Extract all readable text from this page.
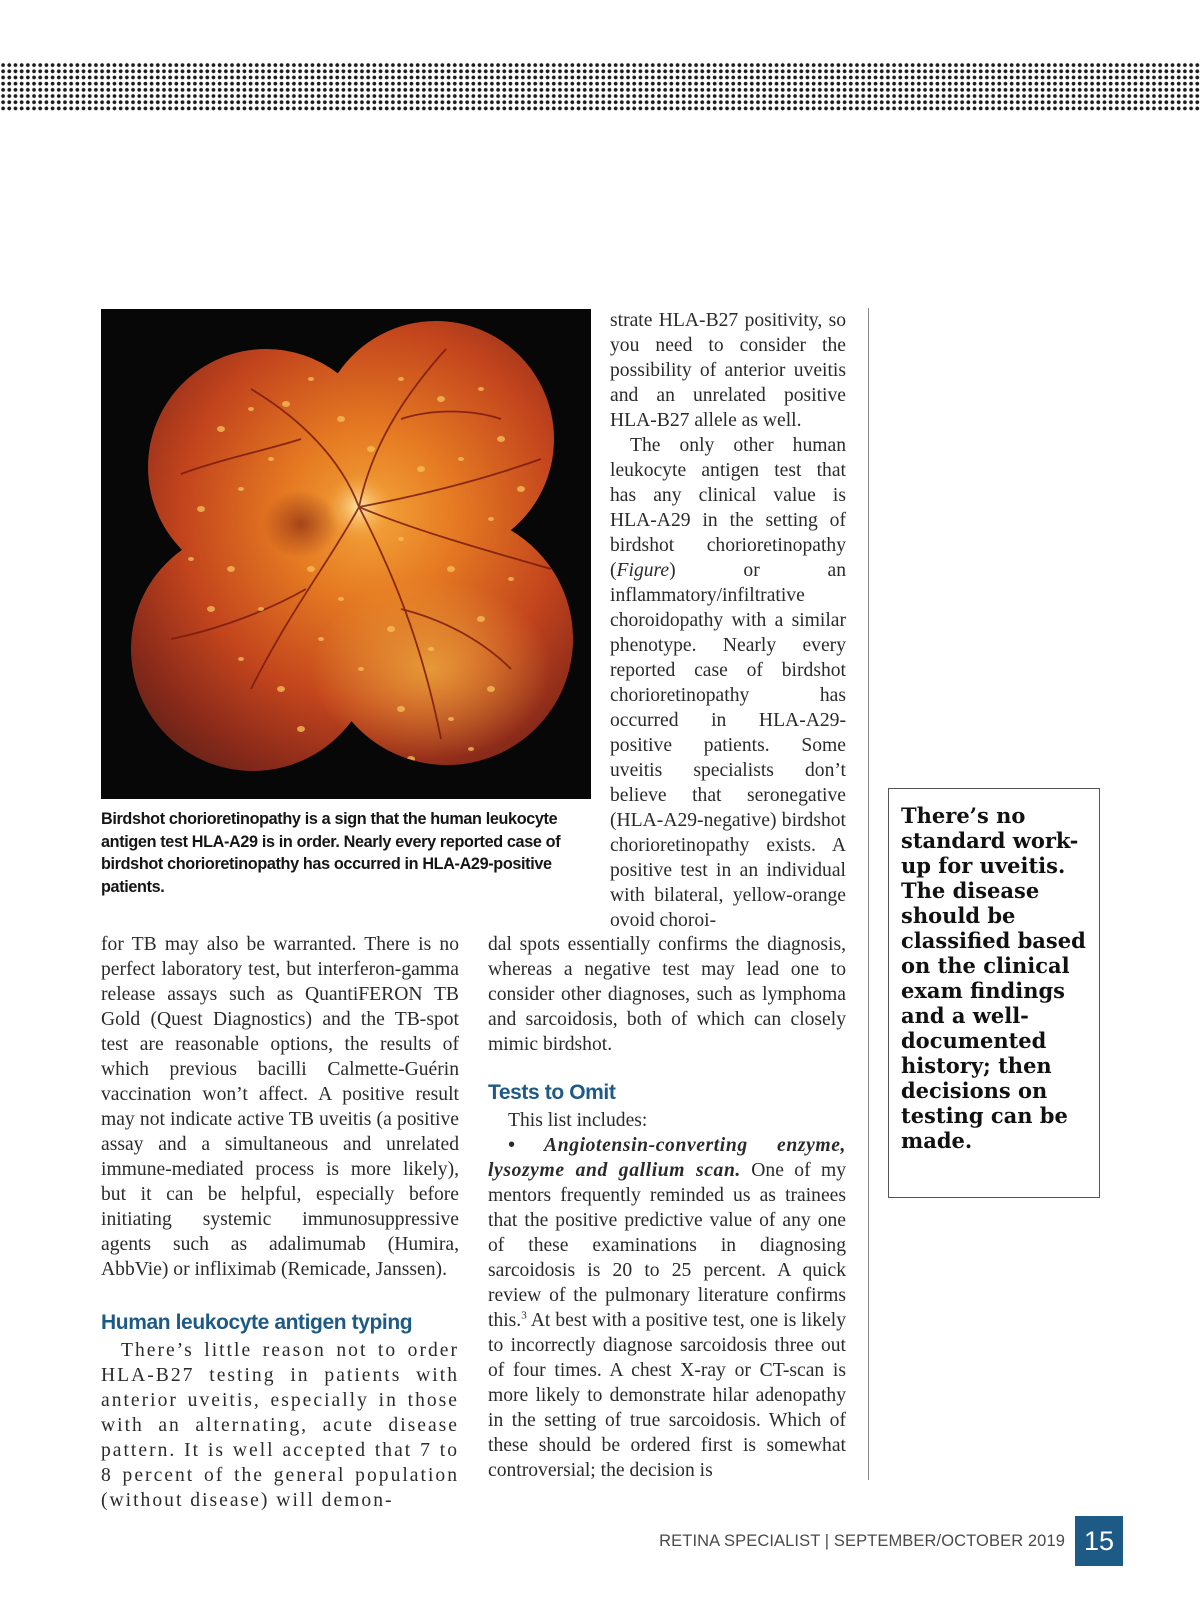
Birdshot chorioretinopathy is a sign that the human leukocyte antigen test HLA-A29 is in order. Nearly every reported case of birdshot chorioretinopathy has occurred in HLA-A29-positive patients.

strate HLA-B27 positivity, so you need to consider the possibility of anterior uveitis and an unrelated positive HLA-B27 allele as well.

The only other human leukocyte antigen test that has any clinical value is HLA-A29 in the setting of birdshot chorioretinopathy (Figure) or an inflammatory/infiltrative choroidopathy with a similar phenotype. Nearly every reported case of birdshot chorioretinopathy has occurred in HLA-A29-positive patients. Some uveitis specialists don’t believe that seronegative (HLA-A29-negative) birdshot chorioretinopathy exists. A positive test in an individual with bilateral, yellow-orange ovoid choroi-

for TB may also be warranted. There is no perfect laboratory test, but interferon-gamma release assays such as QuantiFERON TB Gold (Quest Diagnostics) and the TB-spot test are reasonable options, the results of which previous bacilli Calmette-Guérin vaccination won’t affect. A positive result may not indicate active TB uveitis (a positive assay and a simultaneous and unrelated immune-mediated process is more likely), but it can be helpful, especially before initiating systemic immunosuppressive agents such as adalimumab (Humira, AbbVie) or infliximab (Remicade, Janssen).

Human leukocyte antigen typing

There’s little reason not to order HLA-B27 testing in patients with anterior uveitis, especially in those with an alternating, acute disease pattern. It is well accepted that 7 to 8 percent of the general population (without disease) will demon-

dal spots essentially confirms the diagnosis, whereas a negative test may lead one to consider other diagnoses, such as lymphoma and sarcoidosis, both of which can closely mimic birdshot.

Tests to Omit

This list includes:

• Angiotensin-converting enzyme, lysozyme and gallium scan. One of my mentors frequently reminded us as trainees that the positive predictive value of any one of these examinations in diagnosing sarcoidosis is 20 to 25 percent. A quick review of the pulmonary literature confirms this.$^3$ At best with a positive test, one is likely to incorrectly diagnose sarcoidosis three out of four times. A chest X-ray or CT-scan is more likely to demonstrate hilar adenopathy in the setting of true sarcoidosis. Which of these should be ordered first is somewhat controversial; the decision is

There’s no standard work-up for uveitis. The disease should be classified based on the clinical exam findings and a well-documented history; then decisions on testing can be made.
RETINA SPECIALIST | SEPTEMBER/OCTOBER 2019 15
